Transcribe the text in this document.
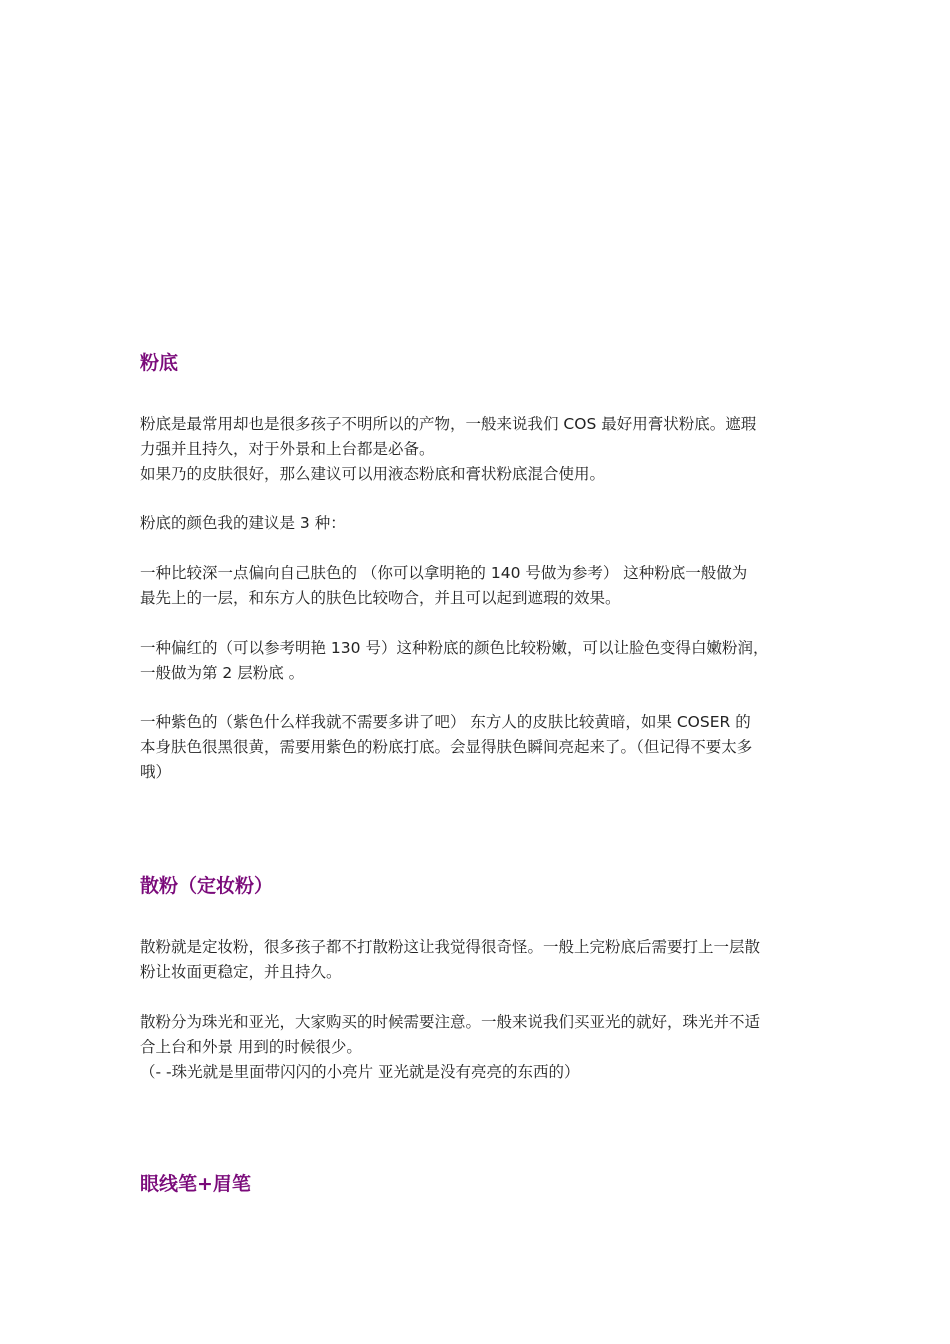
粉底

粉底是最常用却也是很多孩子不明所以的产物，一般来说我们 COS 最好用膏状粉底。遮瑕
力强并且持久，对于外景和上台都是必备。
如果乃的皮肤很好，那么建议可以用液态粉底和膏状粉底混合使用。

粉底的颜色我的建议是 3 种：

一种比较深一点偏向自己肤色的 （你可以拿明艳的 140 号做为参考） 这种粉底一般做为
最先上的一层，和东方人的肤色比较吻合，并且可以起到遮瑕的效果。

一种偏红的（可以参考明艳 130 号）这种粉底的颜色比较粉嫩，可以让脸色变得白嫩粉润，
一般做为第 2 层粉底 。

一种紫色的（紫色什么样我就不需要多讲了吧） 东方人的皮肤比较黄暗，如果 COSER 的
本身肤色很黑很黄，需要用紫色的粉底打底。会显得肤色瞬间亮起来了。（但记得不要太多
哦）

散粉（定妆粉）

散粉就是定妆粉，很多孩子都不打散粉这让我觉得很奇怪。一般上完粉底后需要打上一层散
粉让妆面更稳定，并且持久。

散粉分为珠光和亚光，大家购买的时候需要注意。一般来说我们买亚光的就好，珠光并不适
合上台和外景 用到的时候很少。
（- -珠光就是里面带闪闪的小亮片 亚光就是没有亮亮的东西的）

眼线笔+眉笔
